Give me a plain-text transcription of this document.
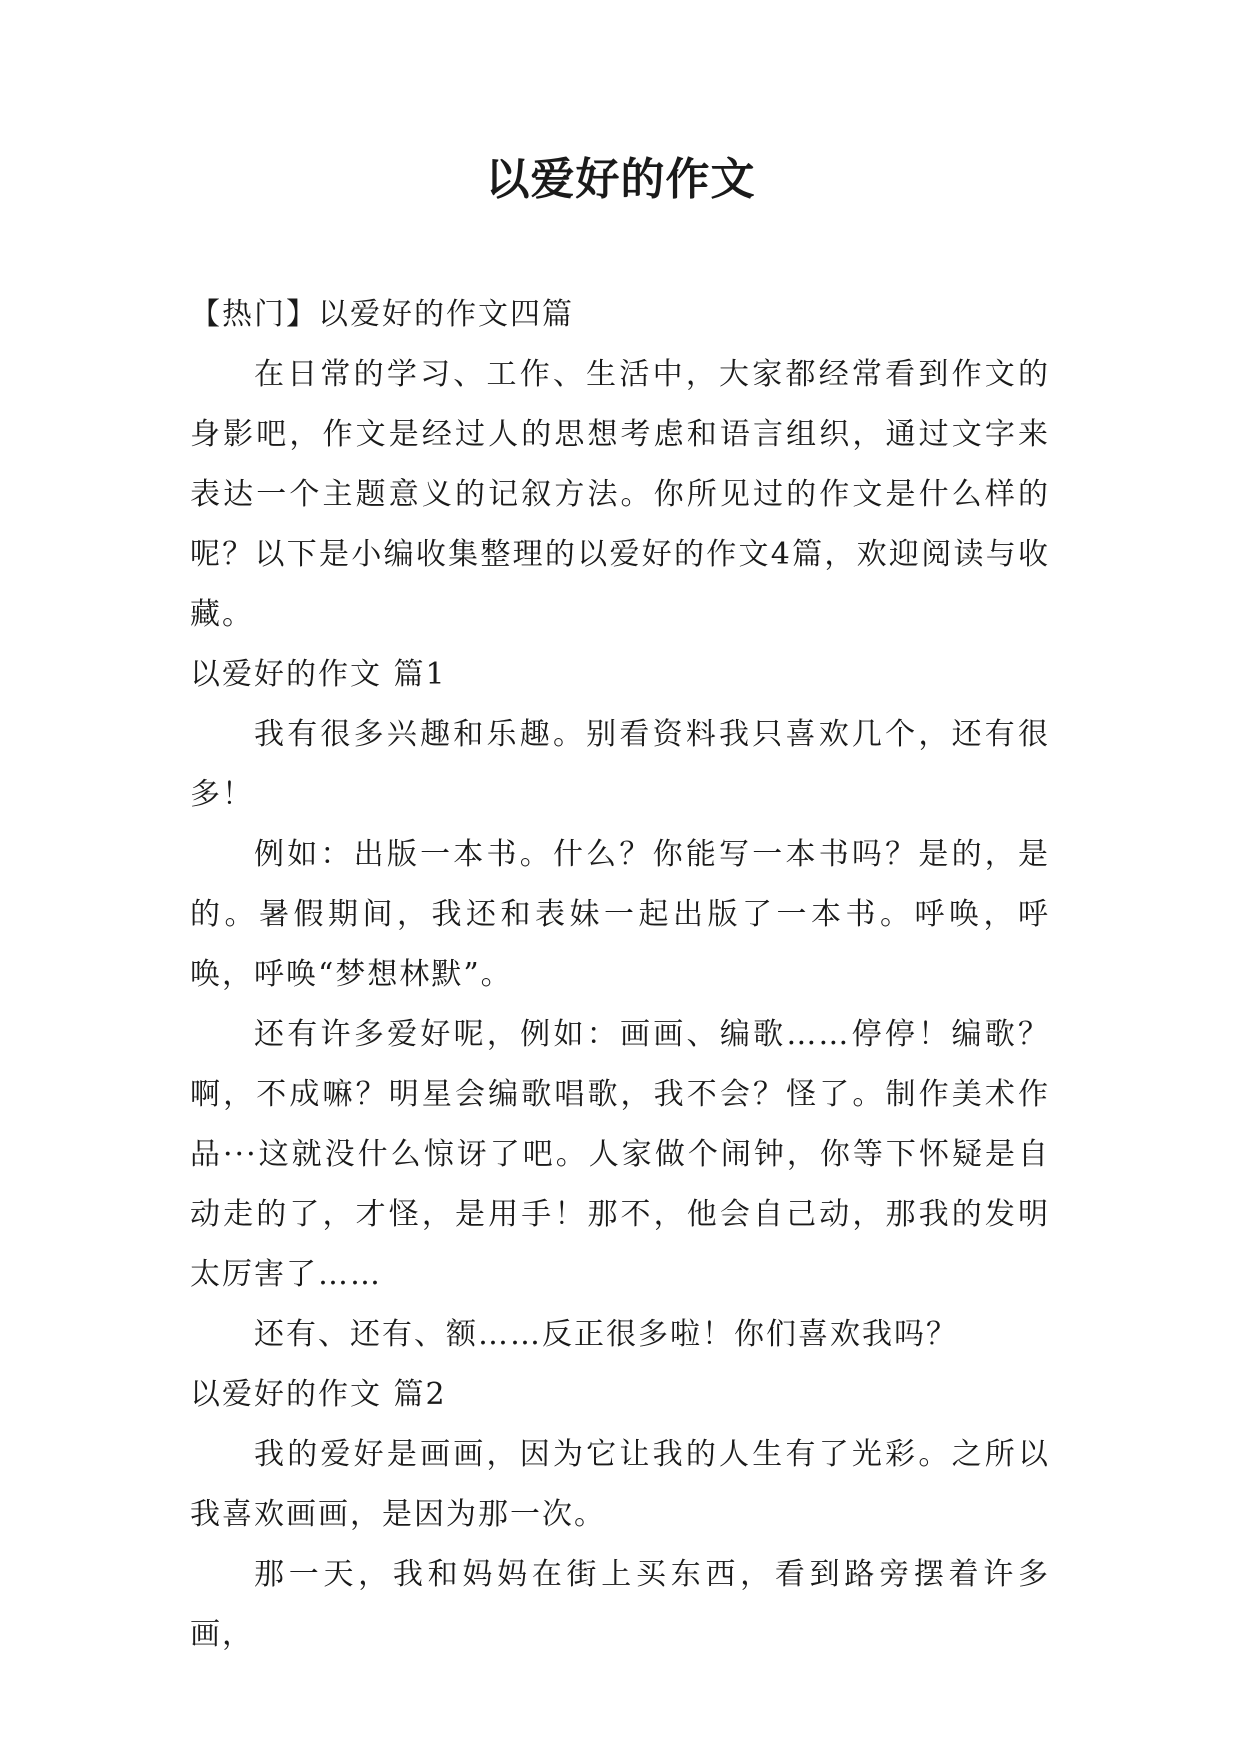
以爱好的作文

【热门】以爱好的作文四篇

在日常的学习、工作、生活中，大家都经常看到作文的身影吧，作文是经过人的思想考虑和语言组织，通过文字来表达一个主题意义的记叙方法。你所见过的作文是什么样的呢？以下是小编收集整理的以爱好的作文4篇，欢迎阅读与收藏。

以爱好的作文 篇1

我有很多兴趣和乐趣。别看资料我只喜欢几个，还有很多！

例如：出版一本书。什么？你能写一本书吗？是的，是的。暑假期间，我还和表妹一起出版了一本书。呼唤，呼唤，呼唤“梦想林默”。

还有许多爱好呢，例如：画画、编歌……停停！编歌？啊，不成嘛？明星会编歌唱歌，我不会？怪了。制作美术作品···这就没什么惊讶了吧。人家做个闹钟，你等下怀疑是自动走的了，才怪，是用手！那不，他会自己动，那我的发明太厉害了……

还有、还有、额……反正很多啦！你们喜欢我吗？

以爱好的作文 篇2

我的爱好是画画，因为它让我的人生有了光彩。之所以我喜欢画画，是因为那一次。

那一天，我和妈妈在街上买东西，看到路旁摆着许多画，
